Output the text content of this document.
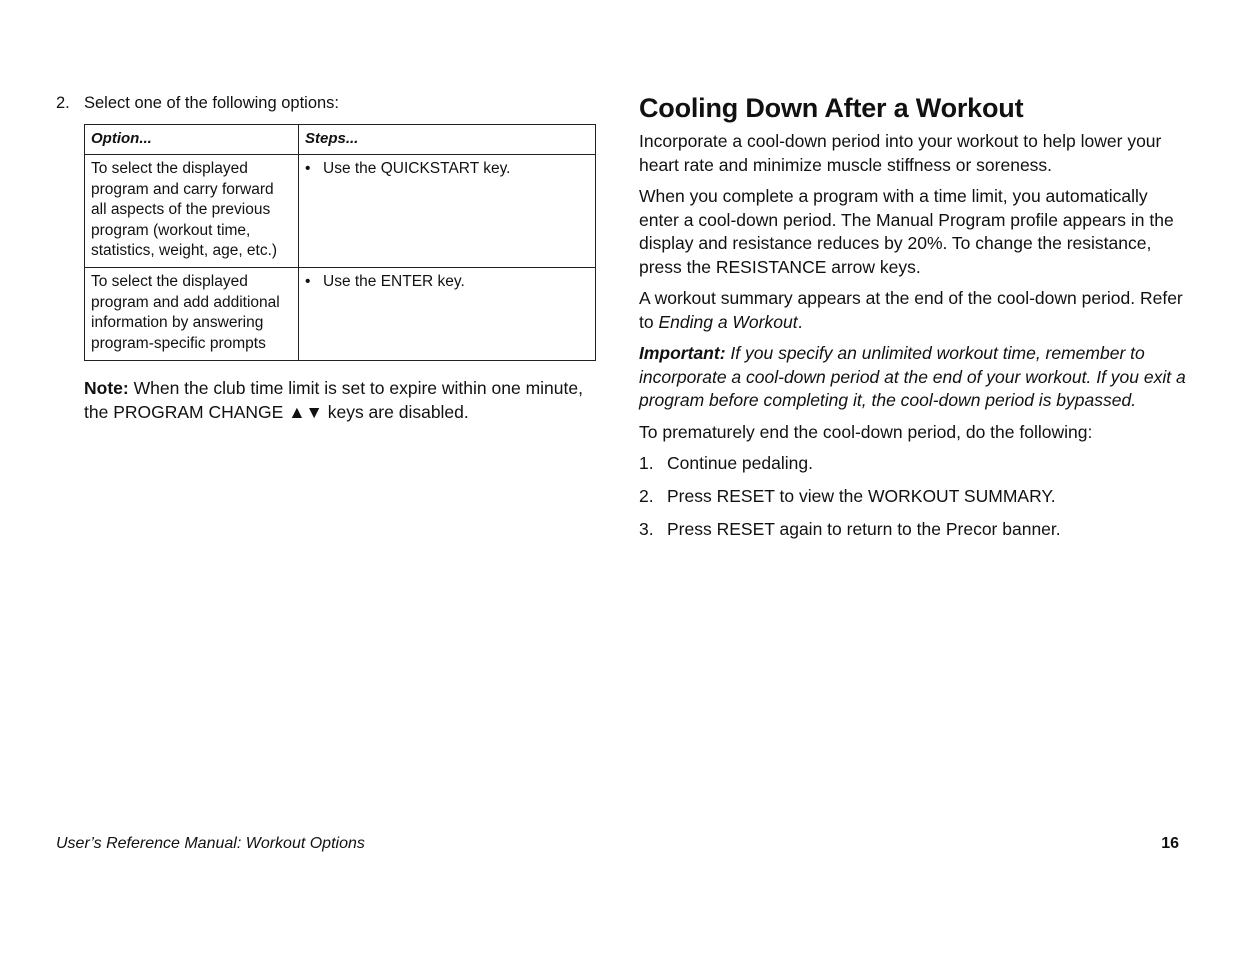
2. Select one of the following options:
Option...	Steps...
To select the displayed program and carry forward all aspects of the previous program (workout time, statistics, weight, age, etc.)	• Use the QUICKSTART key.

To select the displayed program and add additional information by answering program-specific prompts	• Use the ENTER key.

Note: When the club time limit is set to expire within one minute, the PROGRAM CHANGE ▲▼ keys are disabled.

Cooling Down After a Workout

Incorporate a cool-down period into your workout to help lower your heart rate and minimize muscle stiffness or soreness.

When you complete a program with a time limit, you automatically enter a cool-down period. The Manual Program profile appears in the display and resistance reduces by 20%. To change the resistance, press the RESISTANCE arrow keys.

A workout summary appears at the end of the cool-down period. Refer to Ending a Workout.

Important: If you specify an unlimited workout time, remember to incorporate a cool-down period at the end of your workout. If you exit a program before completing it, the cool-down period is bypassed.

To prematurely end the cool-down period, do the following:

1. Continue pedaling.
2. Press RESET to view the WORKOUT SUMMARY.
3. Press RESET again to return to the Precor banner.
User’s Reference Manual: Workout Options	16
